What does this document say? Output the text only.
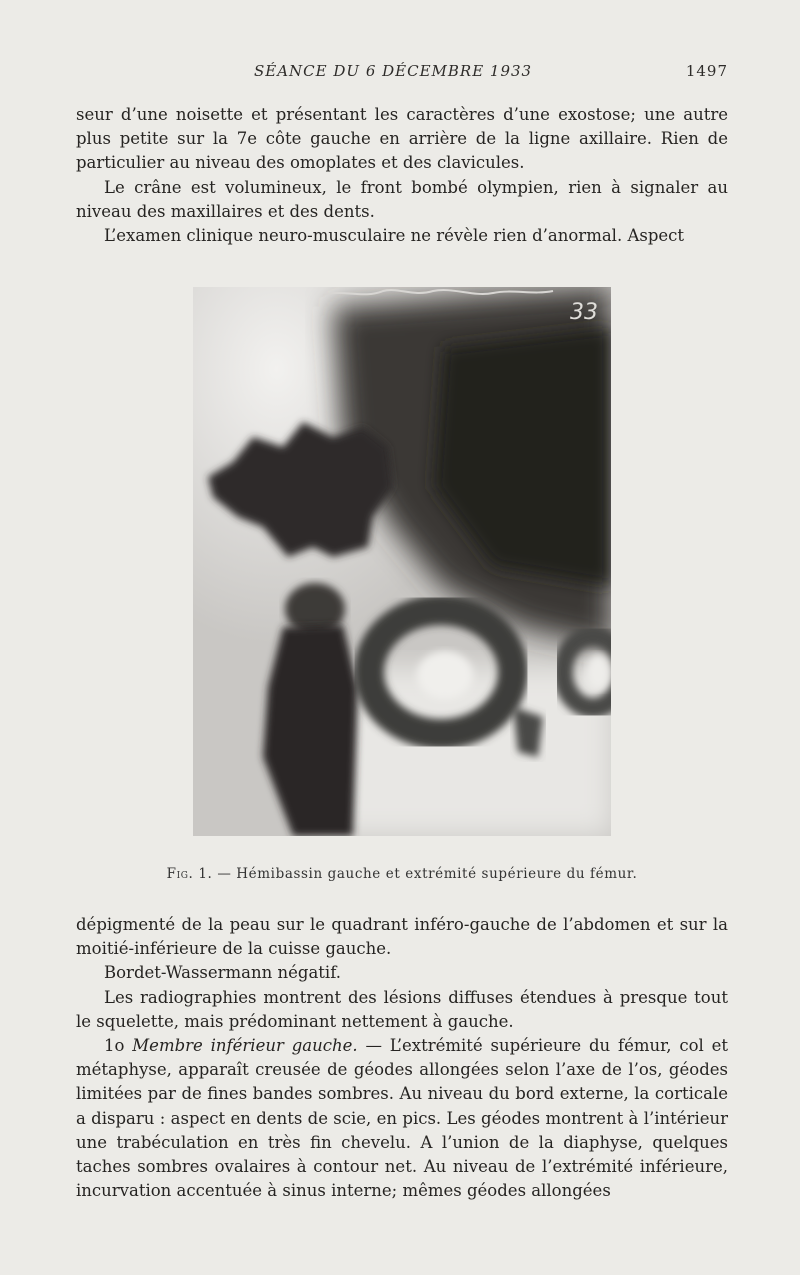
SÉANCE DU 6 DÉCEMBRE 1933	1497

seur d’une noisette et présentant les caractères d’une exostose; une autre plus petite sur la 7e côte gauche en arrière de la ligne axillaire. Rien de particulier au niveau des omoplates et des clavicules.

Le crâne est volumineux, le front bombé olympien, rien à signaler au niveau des maxillaires et des dents.

L’examen clinique neuro-musculaire ne révèle rien d’anormal. Aspect

33
Fig. 1. — Hémibassin gauche et extrémité supérieure du fémur.

dépigmenté de la peau sur le quadrant inféro-gauche de l’abdomen et sur la moitié-inférieure de la cuisse gauche.

Bordet-Wassermann négatif.

Les radiographies montrent des lésions diffuses étendues à presque tout le squelette, mais prédominant nettement à gauche.

1o Membre inférieur gauche. — L’extrémité supérieure du fémur, col et métaphyse, apparaît creusée de géodes allongées selon l’axe de l’os, géodes limitées par de fines bandes sombres. Au niveau du bord externe, la corticale a disparu : aspect en dents de scie, en pics. Les géodes montrent à l’intérieur une trabéculation en très fin chevelu. A l’union de la diaphyse, quelques taches sombres ovalaires à contour net. Au niveau de l’extrémité inférieure, incurvation accentuée à sinus interne; mêmes géodes allongées
